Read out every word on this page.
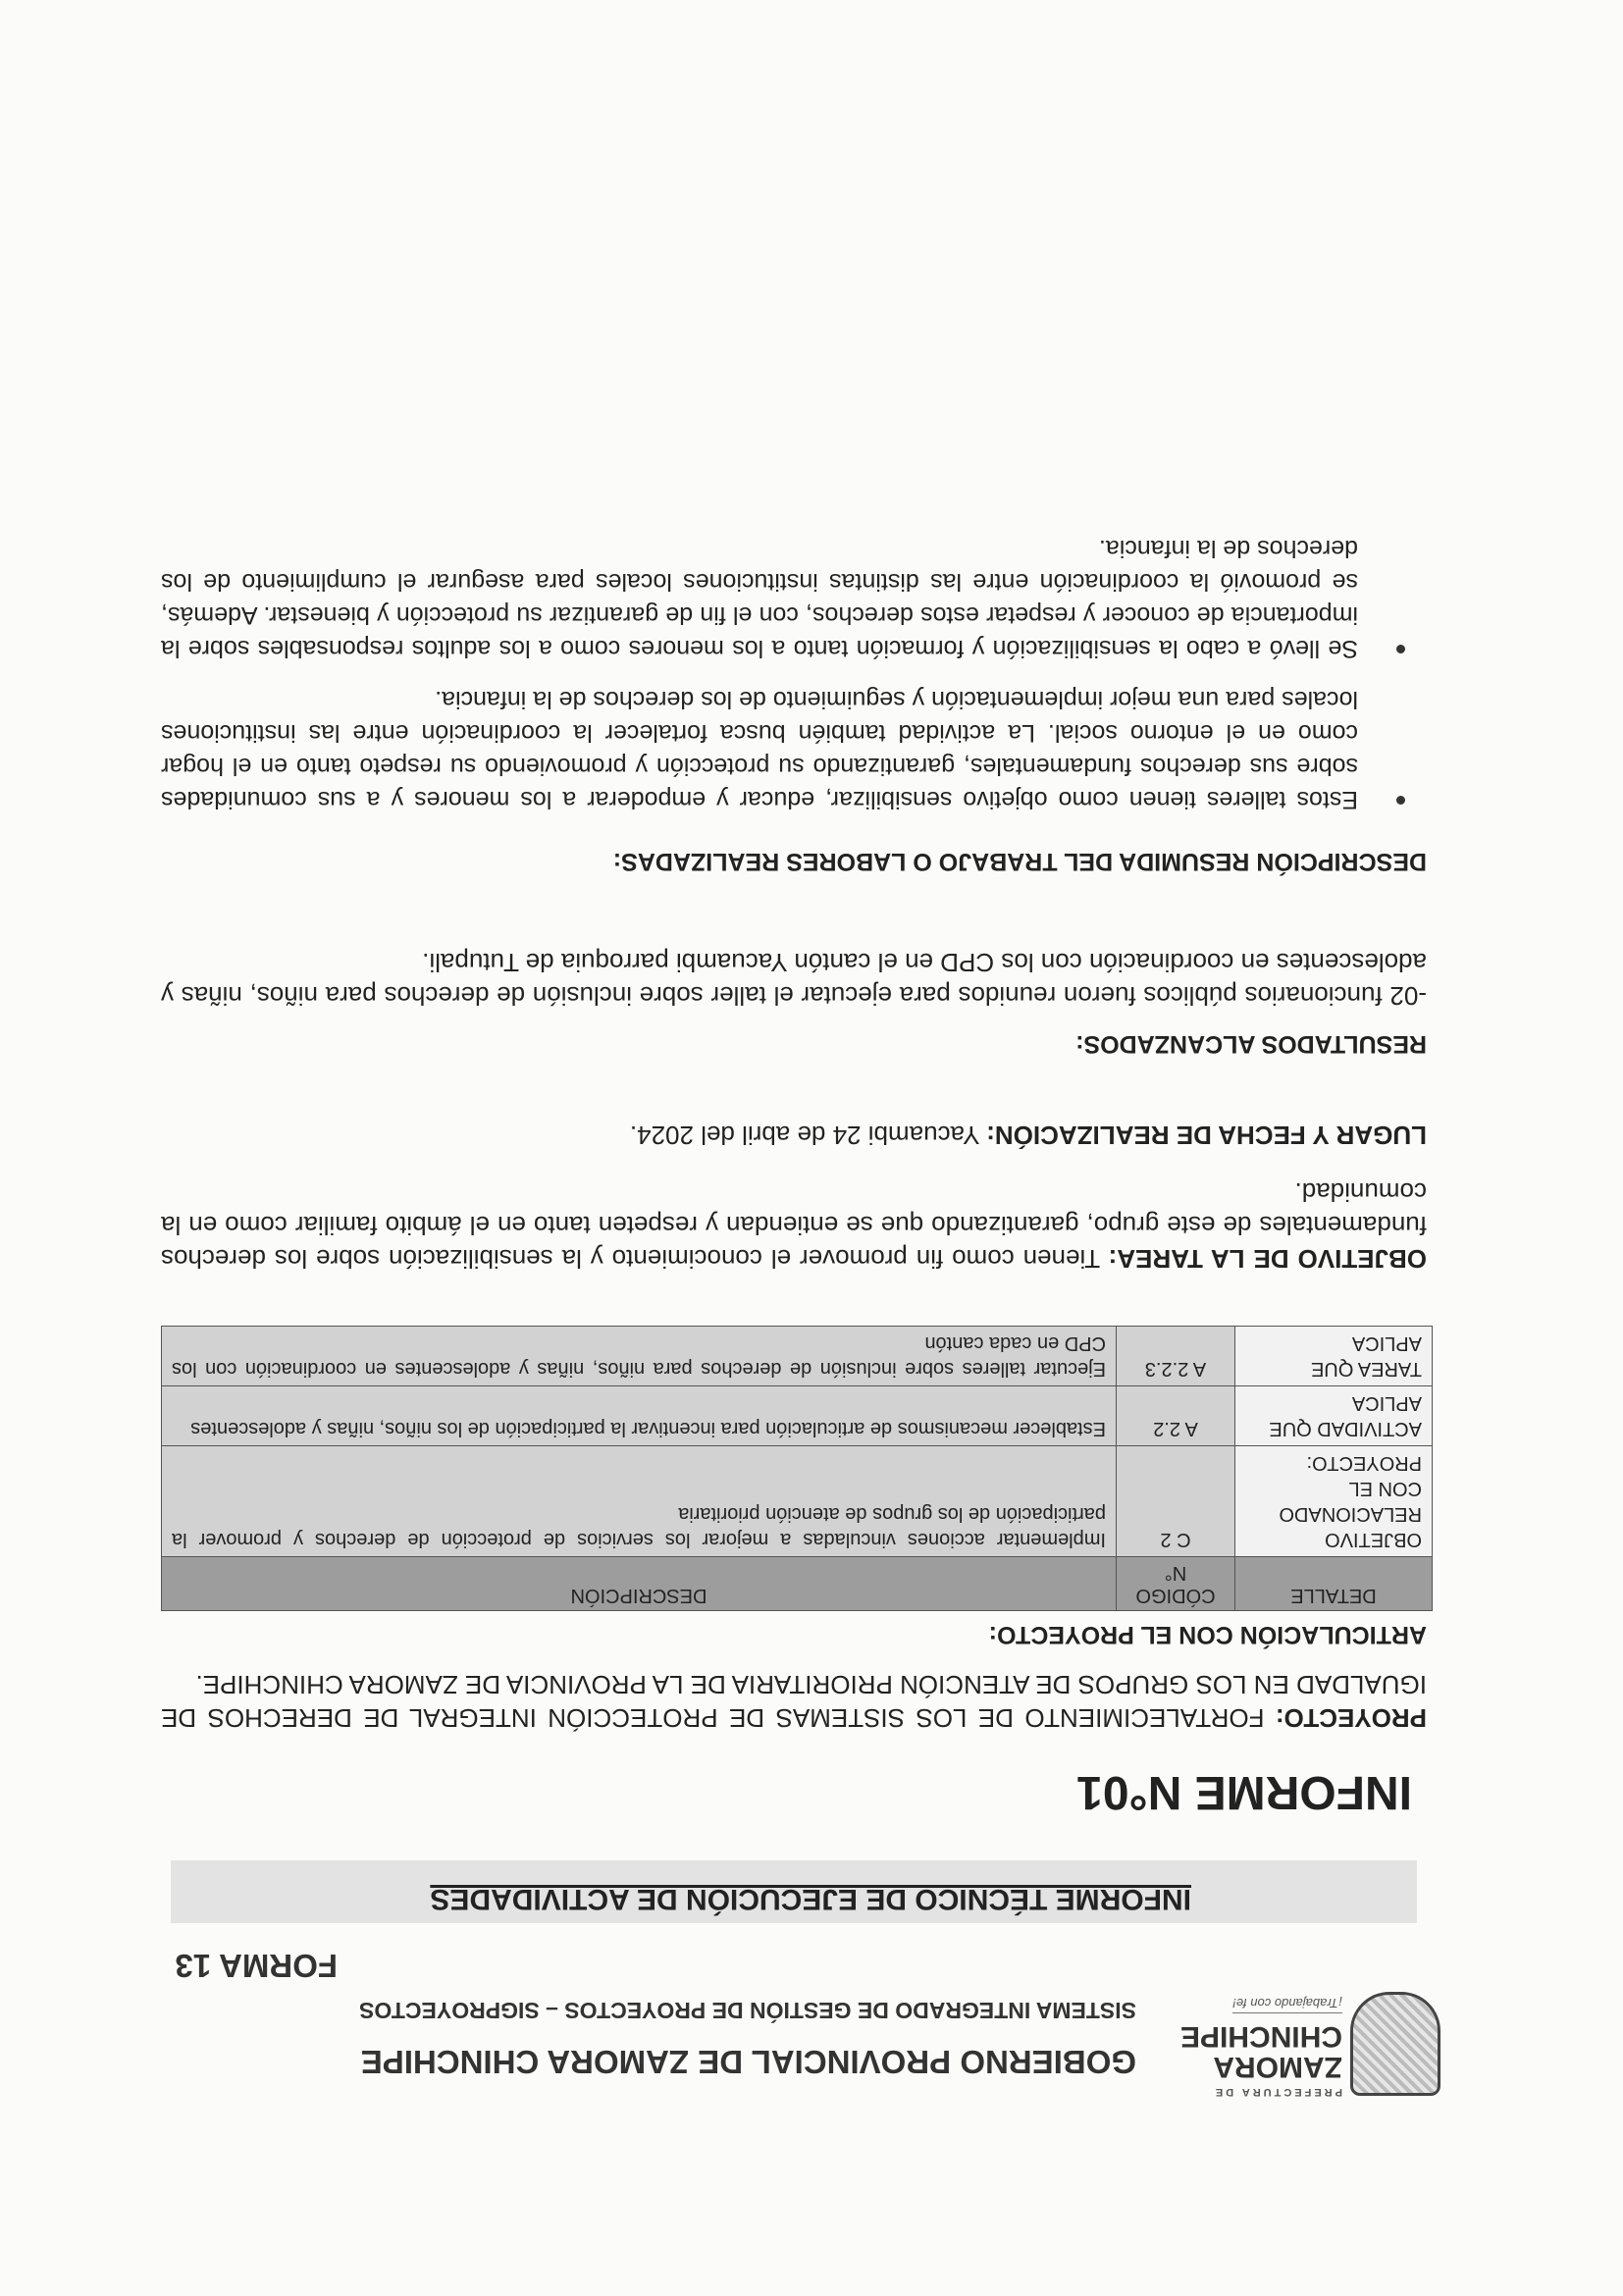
PREFECTURA DE
ZAMORA
CHINCHIPE
¡Trabajando con fe!
GOBIERNO PROVINCIAL DE ZAMORA CHINCHIPE
SISTEMA INTEGRADO DE GESTIÓN DE PROYECTOS – SIGPROYECTOS
FORMA 13
INFORME TÉCNICO DE EJECUCIÓN DE ACTIVIDADES
INFORME N°01
PROYECTO: FORTALECIMIENTO DE LOS SISTEMAS DE PROTECCIÓN INTEGRAL DE DERECHOS DE IGUALDAD EN LOS GRUPOS DE ATENCIÓN PRIORITARIA DE LA PROVINCIA DE ZAMORA CHINCHIPE.
ARTICULACIÓN CON EL PROYECTO:
DETALLE	CÓDIGO N°	DESCRIPCIÓN
OBJETIVO RELACIONADO CON EL PROYECTO:	C 2	Implementar acciones vinculadas a mejorar los servicios de protección de derechos y promover la participación de los grupos de atención prioritaria
ACTIVIDAD QUE APLICA	A 2.2	Establecer mecanismos de articulación para incentivar la participación de los niños, niñas y adolescentes
TAREA QUE APLICA	A 2.2.3	Ejecutar talleres sobre inclusión de derechos para niños, niñas y adolescentes en coordinación con los CPD en cada cantón
OBJETIVO DE LA TAREA: Tienen como fin promover el conocimiento y la sensibilización sobre los derechos fundamentales de este grupo, garantizando que se entiendan y respeten tanto en el ámbito familiar como en la comunidad.
LUGAR Y FECHA DE REALIZACIÓN: Yacuambi 24 de abril del 2024.
RESULTADOS ALCANZADOS:
-02 funcionarios públicos fueron reunidos para ejecutar el taller sobre inclusión de derechos para niños, niñas y adolescentes en coordinación con los CPD en el cantón Yacuambi parroquia de Tutupali.
DESCRIPCIÓN RESUMIDA DEL TRABAJO O LABORES REALIZADAS:
Estos talleres tienen como objetivo sensibilizar, educar y empoderar a los menores y a sus comunidades sobre sus derechos fundamentales, garantizando su protección y promoviendo su respeto tanto en el hogar como en el entorno social. La actividad también busca fortalecer la coordinación entre las instituciones locales para una mejor implementación y seguimiento de los derechos de la infancia.
Se llevó a cabo la sensibilización y formación tanto a los menores como a los adultos responsables sobre la importancia de conocer y respetar estos derechos, con el fin de garantizar su protección y bienestar. Además, se promovió la coordinación entre las distintas instituciones locales para asegurar el cumplimiento de los derechos de la infancia.
